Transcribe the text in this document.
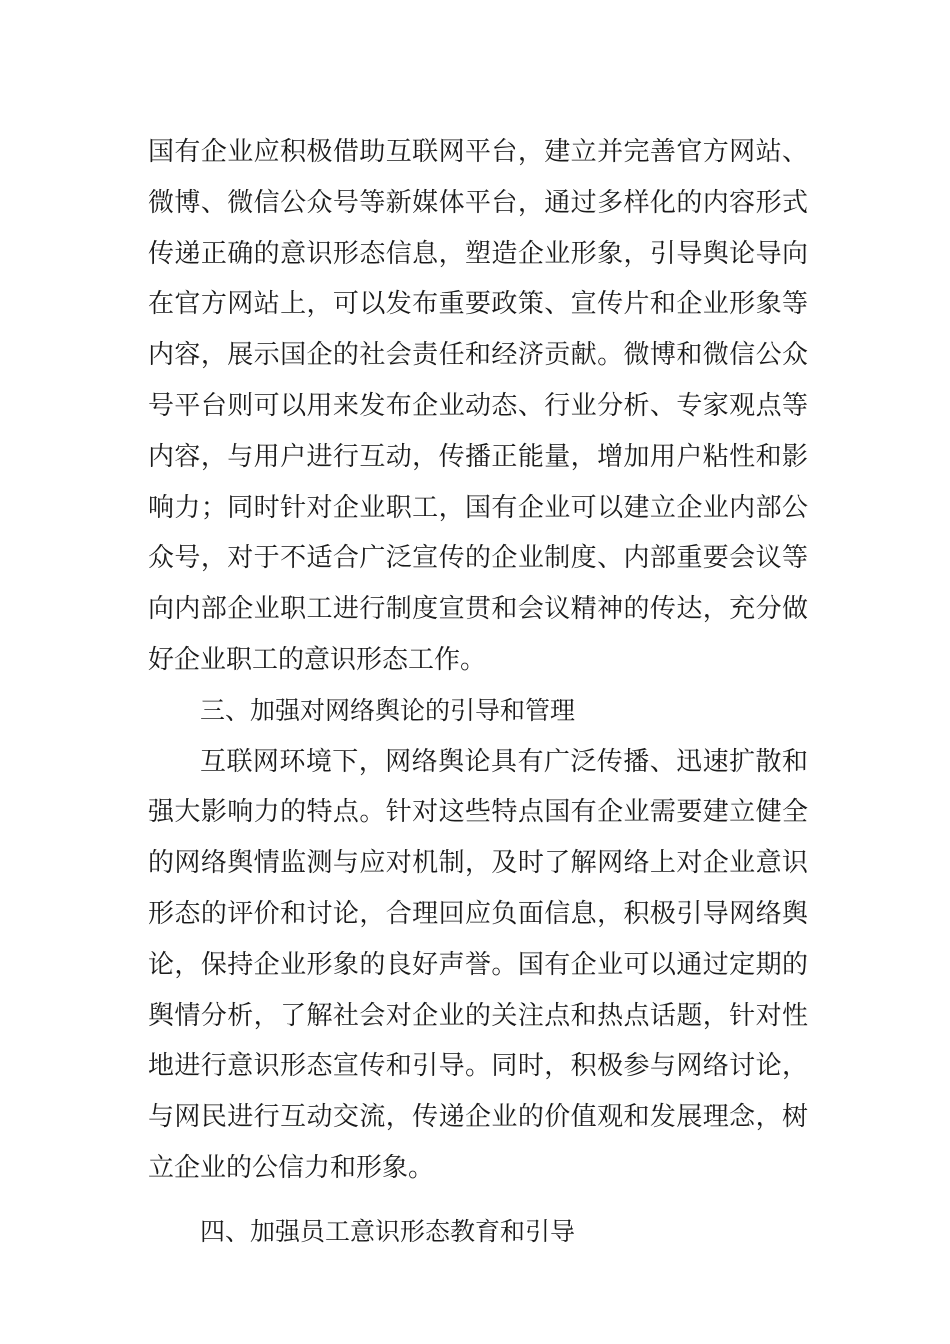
国有企业应积极借助互联网平台，建立并完善官方网站、
微博、微信公众号等新媒体平台，通过多样化的内容形式
传递正确的意识形态信息，塑造企业形象，引导舆论导向
在官方网站上，可以发布重要政策、宣传片和企业形象等
内容，展示国企的社会责任和经济贡献。微博和微信公众
号平台则可以用来发布企业动态、行业分析、专家观点等
内容，与用户进行互动，传播正能量，增加用户粘性和影
响力；同时针对企业职工，国有企业可以建立企业内部公
众号，对于不适合广泛宣传的企业制度、内部重要会议等
向内部企业职工进行制度宣贯和会议精神的传达，充分做
好企业职工的意识形态工作。
三、加强对网络舆论的引导和管理
互联网环境下，网络舆论具有广泛传播、迅速扩散和
强大影响力的特点。针对这些特点国有企业需要建立健全
的网络舆情监测与应对机制，及时了解网络上对企业意识
形态的评价和讨论，合理回应负面信息，积极引导网络舆
论，保持企业形象的良好声誉。国有企业可以通过定期的
舆情分析，了解社会对企业的关注点和热点话题，针对性
地进行意识形态宣传和引导。同时，积极参与网络讨论，
与网民进行互动交流，传递企业的价值观和发展理念，树
立企业的公信力和形象。
四、加强员工意识形态教育和引导
